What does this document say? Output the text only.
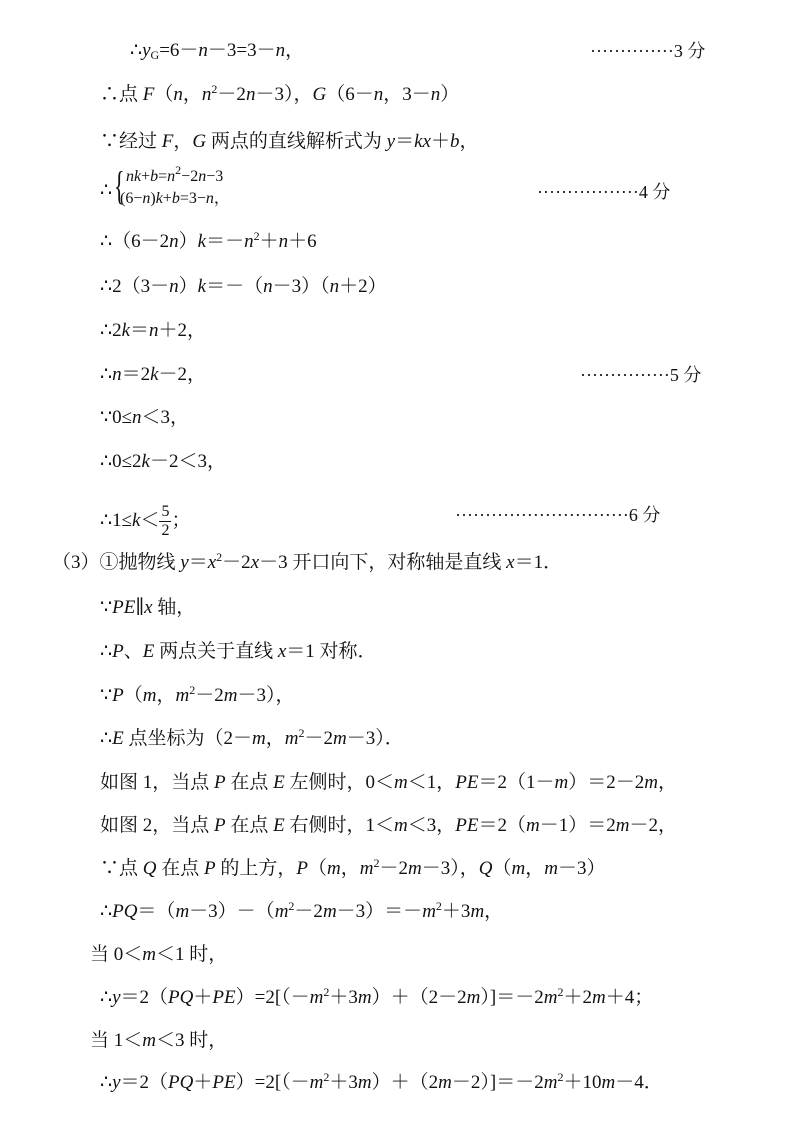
$\therefore y_G=6-n-3=3-n$，	··············3 分
∴点 F（n，$n^2-2n-3$），G（6－n，3－n）
∵经过 F，G 两点的直线解析式为 y＝kx＋b，
∴ { $nk+b=n^2-2n-3$
(6−n)k+b=3−n，	·················4 分
$\therefore(6-2n)k=-n^2+n+6$
∴2（3－n）k＝－（n－3）（n＋2）
∴2k＝n＋2，
∴n＝2k－2，	···············5 分
∵0≤n＜3，
∴0≤2k－2＜3，
∴1≤k＜ $\frac{5}{2}$ ；	·····························6 分
（3）①抛物线 $y=x^2-2x-3$ 开口向下，对称轴是直线 x＝1．
∵PE∥x 轴，
∴P、E 两点关于直线 x＝1 对称．
∵P（m，$m^2-2m-3$），
∴E 点坐标为（2－m，$m^2-2m-3$）．
如图 1，当点 P 在点 E 左侧时，0＜m＜1，PE＝2（1－m）＝2－2m，
如图 2，当点 P 在点 E 右侧时，1＜m＜3，PE＝2（m－1）＝2m－2，
∵点 Q 在点 P 的上方，P（m，$m^2-2m-3$），Q（m，m－3）
$\therefore PQ=(m-3)-(m^2-2m-3)=-m^2+3m$，
当 0＜m＜1 时，
$\therefore y=2(PQ+PE)=2[(-m^2+3m)+(2-2m)]=-2m^2+2m+4$；
当 1＜m＜3 时，
$\therefore y=2(PQ+PE)=2[(-m^2+3m)+(2m-2)]=-2m^2+10m-4$．
